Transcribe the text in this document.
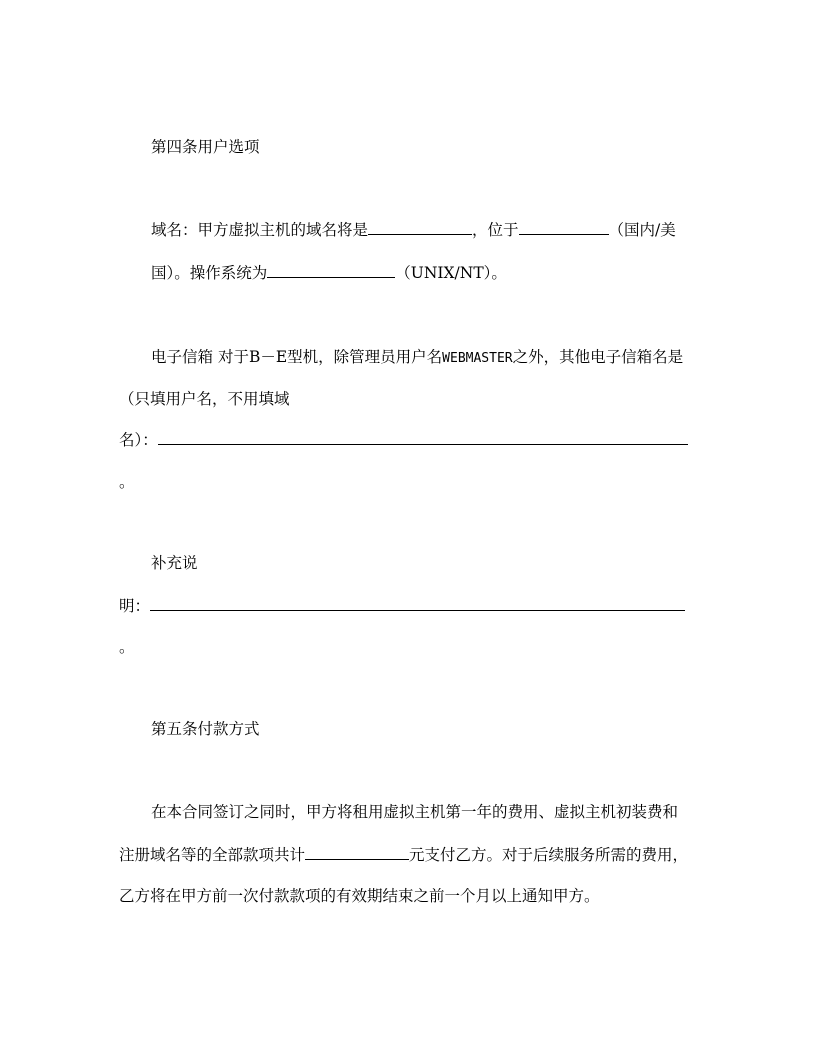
第四条用户选项
域名：甲方虚拟主机的域名将是	，位于	（国内/美
国）。操作系统为	（UNIX/NT）。
电子信箱 对于B－E型机，除管理员用户名WEBMASTER之外，其他电子信箱名是
（只填用户名，不用填域
名）：
。
补充说
明：
。
第五条付款方式
在本合同签订之同时，甲方将租用虚拟主机第一年的费用、虚拟主机初装费和
注册域名等的全部款项共计	元支付乙方。对于后续服务所需的费用，
乙方将在甲方前一次付款款项的有效期结束之前一个月以上通知甲方。
